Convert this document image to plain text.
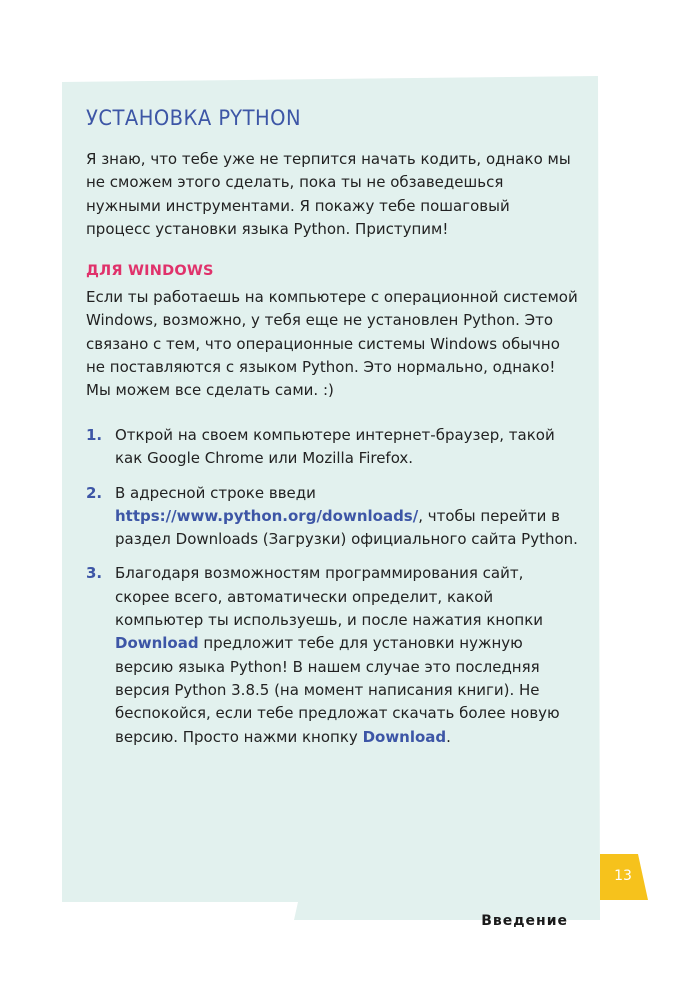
УСТАНОВКА PYTHON

Я знаю, что тебе уже не терпится начать кодить, однако мы не сможем этого сделать, пока ты не обзаведешься нужными инструментами. Я покажу тебе пошаговый процесс установки языка Python. Приступим!

ДЛЯ WINDOWS

Если ты работаешь на компьютере с операционной системой Windows, возможно, у тебя еще не установлен Python. Это связано с тем, что операционные системы Windows обычно не поставляются с языком Python. Это нормально, однако! Мы можем все сделать сами. :)

1. Открой на своем компьютере интернет-браузер, такой как Google Chrome или Mozilla Firefox.
2. В адресной строке введи https://www.python.org/downloads/, чтобы перейти в раздел Downloads (Загрузки) официального сайта Python.
3. Благодаря возможностям программирования сайт, скорее всего, автоматически определит, какой компьютер ты используешь, и после нажатия кнопки Download предложит тебе для установки нужную версию языка Python! В нашем случае это последняя версия Python 3.8.5 (на момент написания книги). Не беспокойся, если тебе предложат скачать более новую версию. Просто нажми кнопку Download.
13
Введение
